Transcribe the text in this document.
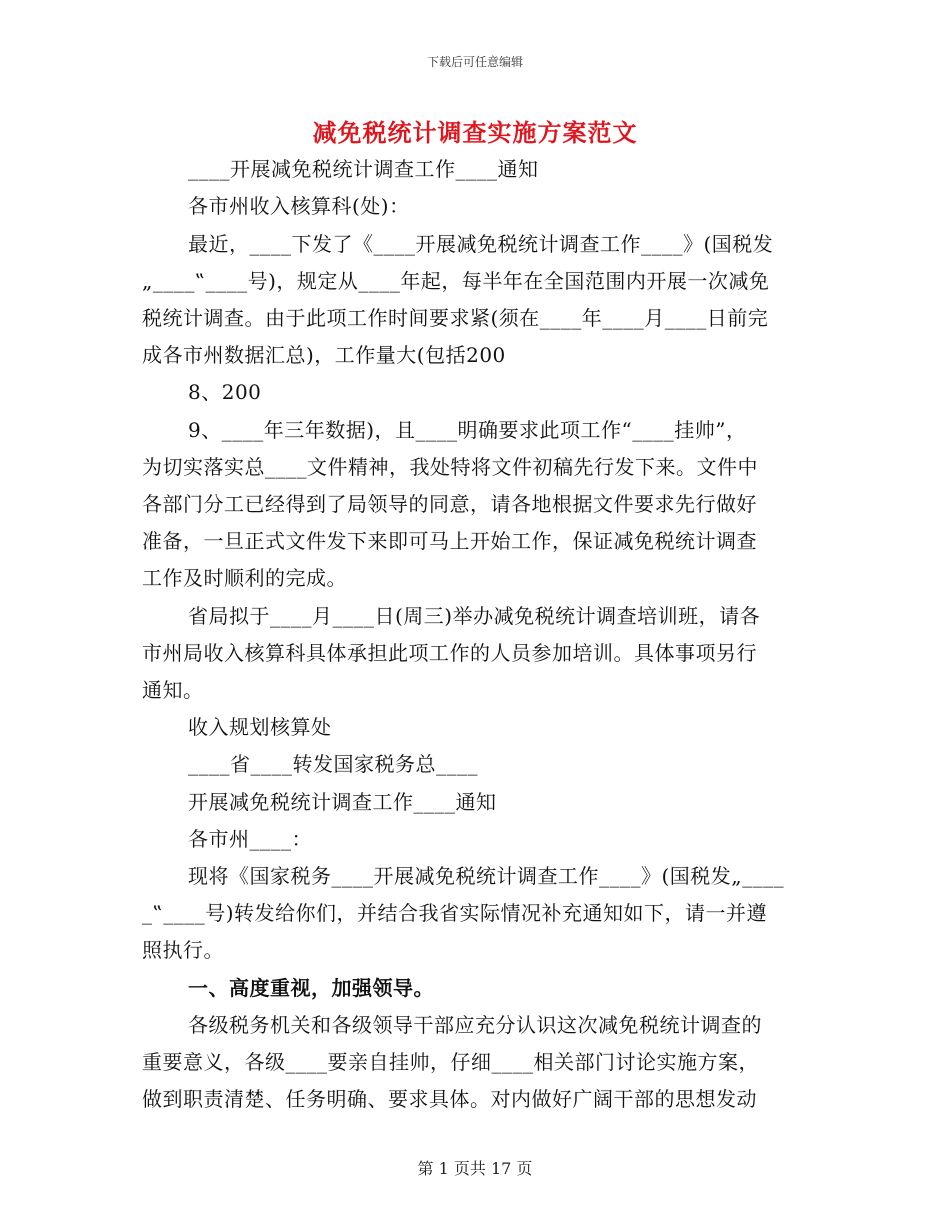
下载后可任意编辑
减免税统计调查实施方案范文
____开展减免税统计调查工作____通知
各市州收入核算科(处)：
最近，____下发了《____开展减免税统计调查工作____》(国税发
„____‟____号)，规定从____年起，每半年在全国范围内开展一次减免
税统计调查。由于此项工作时间要求紧(须在____年____月____日前完
成各市州数据汇总)，工作量大(包括200
8、200
9、____年三年数据)，且____明确要求此项工作“____挂帅”，
为切实落实总____文件精神，我处特将文件初稿先行发下来。文件中
各部门分工已经得到了局领导的同意，请各地根据文件要求先行做好
准备，一旦正式文件发下来即可马上开始工作，保证减免税统计调查
工作及时顺利的完成。
省局拟于____月____日(周三)举办减免税统计调查培训班，请各
市州局收入核算科具体承担此项工作的人员参加培训。具体事项另行
通知。
收入规划核算处
____省____转发国家税务总____
开展减免税统计调查工作____通知
各市州____：
现将《国家税务____开展减免税统计调查工作____》(国税发„____
_‟____号)转发给你们，并结合我省实际情况补充通知如下，请一并遵
照执行。
一、高度重视，加强领导。
各级税务机关和各级领导干部应充分认识这次减免税统计调查的
重要意义，各级____要亲自挂帅，仔细____相关部门讨论实施方案，
做到职责清楚、任务明确、要求具体。对内做好广阔干部的思想发动
第 1 页共 17 页
